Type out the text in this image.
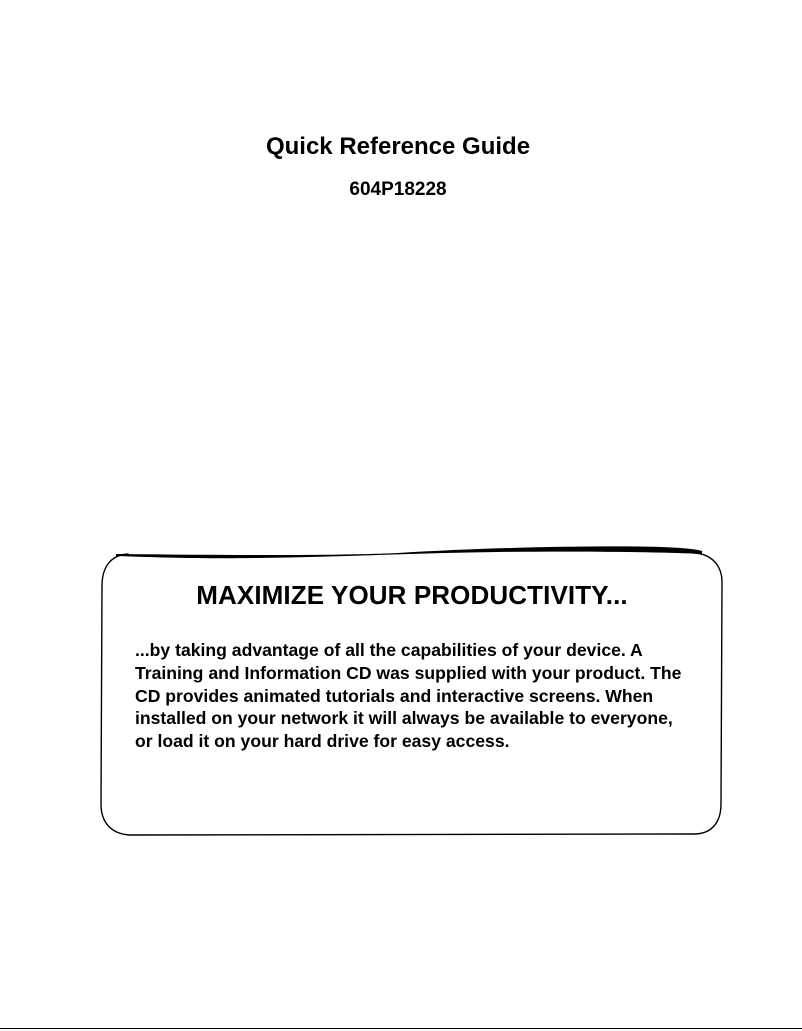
Quick Reference Guide
604P18228
MAXIMIZE YOUR PRODUCTIVITY...

...by taking advantage of all the capabilities of your device. A Training and Information CD was supplied with your product. The CD provides animated tutorials and interactive screens. When installed on your network it will always be available to everyone, or load it on your hard drive for easy access.
